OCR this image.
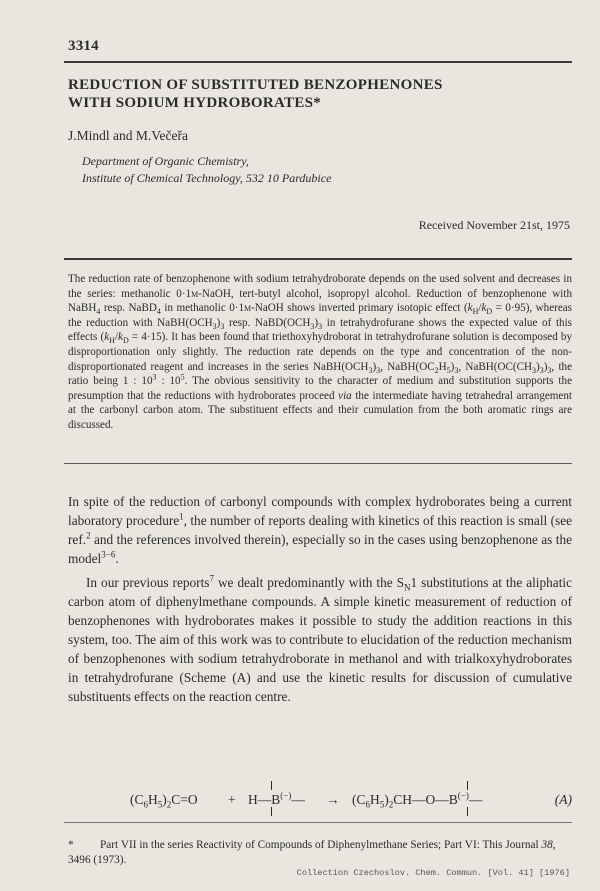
3314
REDUCTION OF SUBSTITUTED BENZOPHENONES
WITH SODIUM HYDROBORATES*
J.Mindl and M.Večeřa
Department of Organic Chemistry,
Institute of Chemical Technology, 532 10 Pardubice
Received November 21st, 1975
The reduction rate of benzophenone with sodium tetrahydroborate depends on the used solvent and decreases in the series: methanolic 0·1m-NaOH, tert-butyl alcohol, isopropyl alcohol. Reduction of benzophenone with NaBH$_4$ resp. NaBD$_4$ in methanolic 0·1m-NaOH shows inverted primary isotopic effect $(k_H/k_D = 0\cdot 95)$, whereas the reduction with $NaBH(OCH_3)_3$ resp. $NaBD(OCH_3)_3$ in tetrahydrofurane shows the expected value of this effects $(k_H/k_D = 4\cdot 15)$. It has been found that triethoxyhydroborat in tetrahydrofurane solution is decomposed by disproportionation only slightly. The reduction rate depends on the type and concentration of the non-disproportionated reagent and increases in the series $NaBH(OCH_3)_3$, $NaBH(OC_2H_5)_3$, $NaBH(OC(CH_3)_3)_3$, the ratio being 1 : $10^3$ : $10^5$. The obvious sensitivity to the character of medium and substitution supports the presumption that the reductions with hydroborates proceed via the intermediate having tetrahedral arrangement at the carbonyl carbon atom. The substituent effects and their cumulation from the both aromatic rings are discussed.

In spite of the reduction of carbonyl compounds with complex hydroborates being a current laboratory procedure$^1$, the number of reports dealing with kinetics of this reaction is small (see ref.$^2$ and the references involved therein), especially so in the cases using benzophenone as the model$^{3-6}$.

In our previous reports$^7$ we dealt predominantly with the $S_N1$ substitutions at the aliphatic carbon atom of diphenylmethane compounds. A simple kinetic measurement of reduction of benzophenones with hydroborates makes it possible to study the addition reactions in this system, too. The aim of this work was to contribute to elucidation of the reduction mechanism of benzophenones with sodium tetrahydroborate in methanol and with trialkoxyhydroborates in tetrahydrofurane (Scheme (A) and use the kinetic results for discussion of cumulative substituents effects on the reaction centre.

$(C_6H_5)_2C=O$ + H—B(−)— → $(C_6H_5)_2CH—O—B^{(-)}—$	(A)
*	Part VII in the series Reactivity of Compounds of Diphenylmethane Series; Part VI: This Journal 38, 3496 (1973).
Collection Czechoslov. Chem. Commun. [Vol. 41] [1976]
